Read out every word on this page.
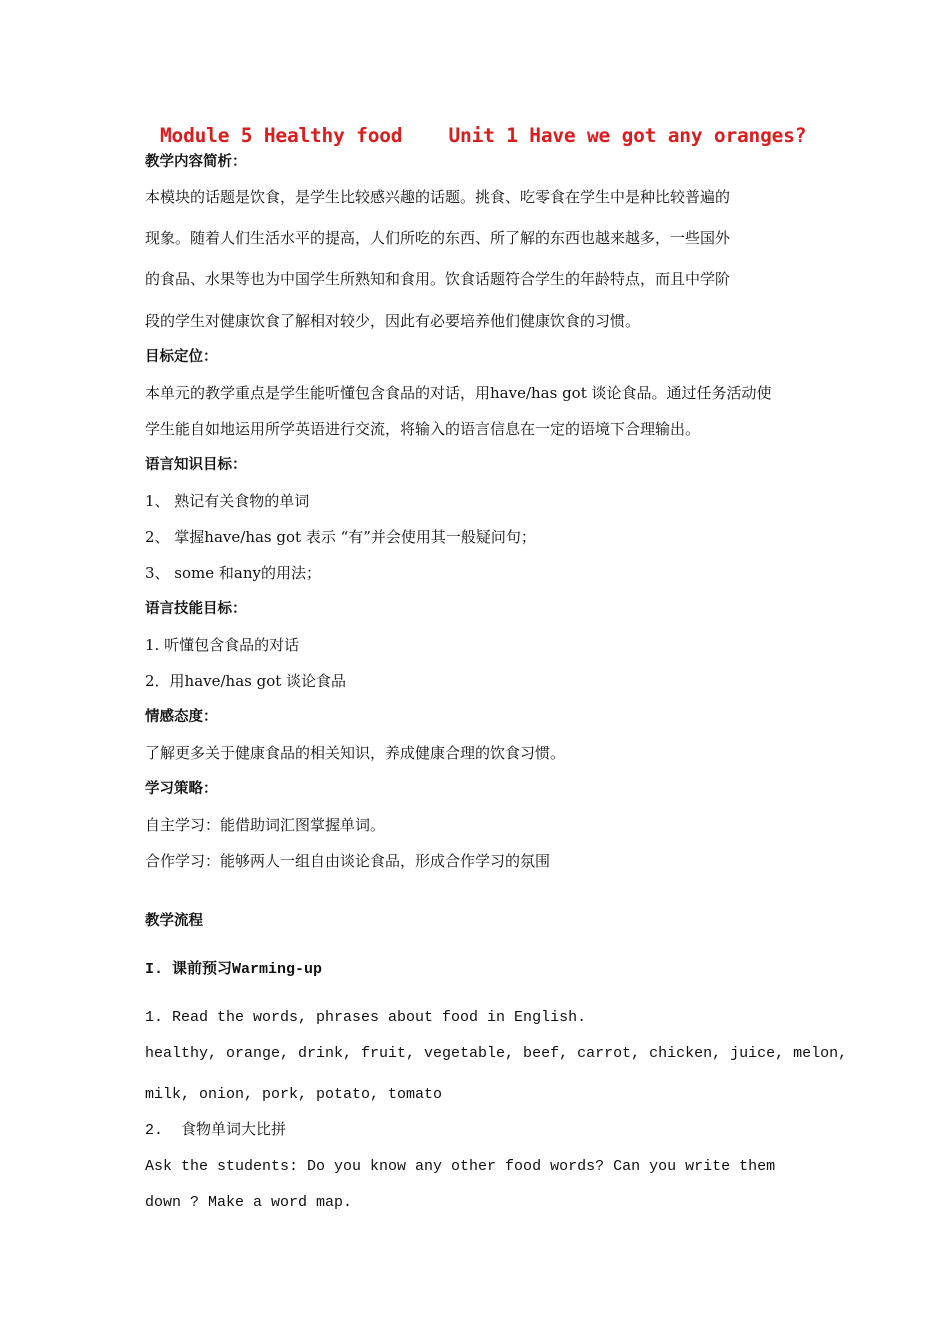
Module 5 Healthy food    Unit 1 Have we got any oranges?
教学内容简析：
本模块的话题是饮食，是学生比较感兴趣的话题。挑食、吃零食在学生中是种比较普遍的
现象。随着人们生活水平的提高，人们所吃的东西、所了解的东西也越来越多，一些国外
的食品、水果等也为中国学生所熟知和食用。饮食话题符合学生的年龄特点，而且中学阶
段的学生对健康饮食了解相对较少，因此有必要培养他们健康饮食的习惯。
目标定位：
本单元的教学重点是学生能听懂包含食品的对话，用have/has got 谈论食品。通过任务活动使
学生能自如地运用所学英语进行交流，将输入的语言信息在一定的语境下合理输出。
语言知识目标：
1、 熟记有关食物的单词
2、 掌握have/has got 表示 “有”并会使用其一般疑问句；
3、 some 和any的用法；
语言技能目标：
1. 听懂包含食品的对话
2．用have/has got 谈论食品
情感态度：
了解更多关于健康食品的相关知识，养成健康合理的饮食习惯。
学习策略：
自主学习：能借助词汇图掌握单词。
合作学习：能够两人一组自由谈论食品，形成合作学习的氛围
教学流程
I. 课前预习Warming-up
1. Read the words, phrases about food in English.
healthy, orange, drink, fruit, vegetable, beef, carrot, chicken, juice, melon,
milk, onion, pork, potato, tomato
2.  食物单词大比拼
Ask the students: Do you know any other food words? Can you write them
down ? Make a word map.
